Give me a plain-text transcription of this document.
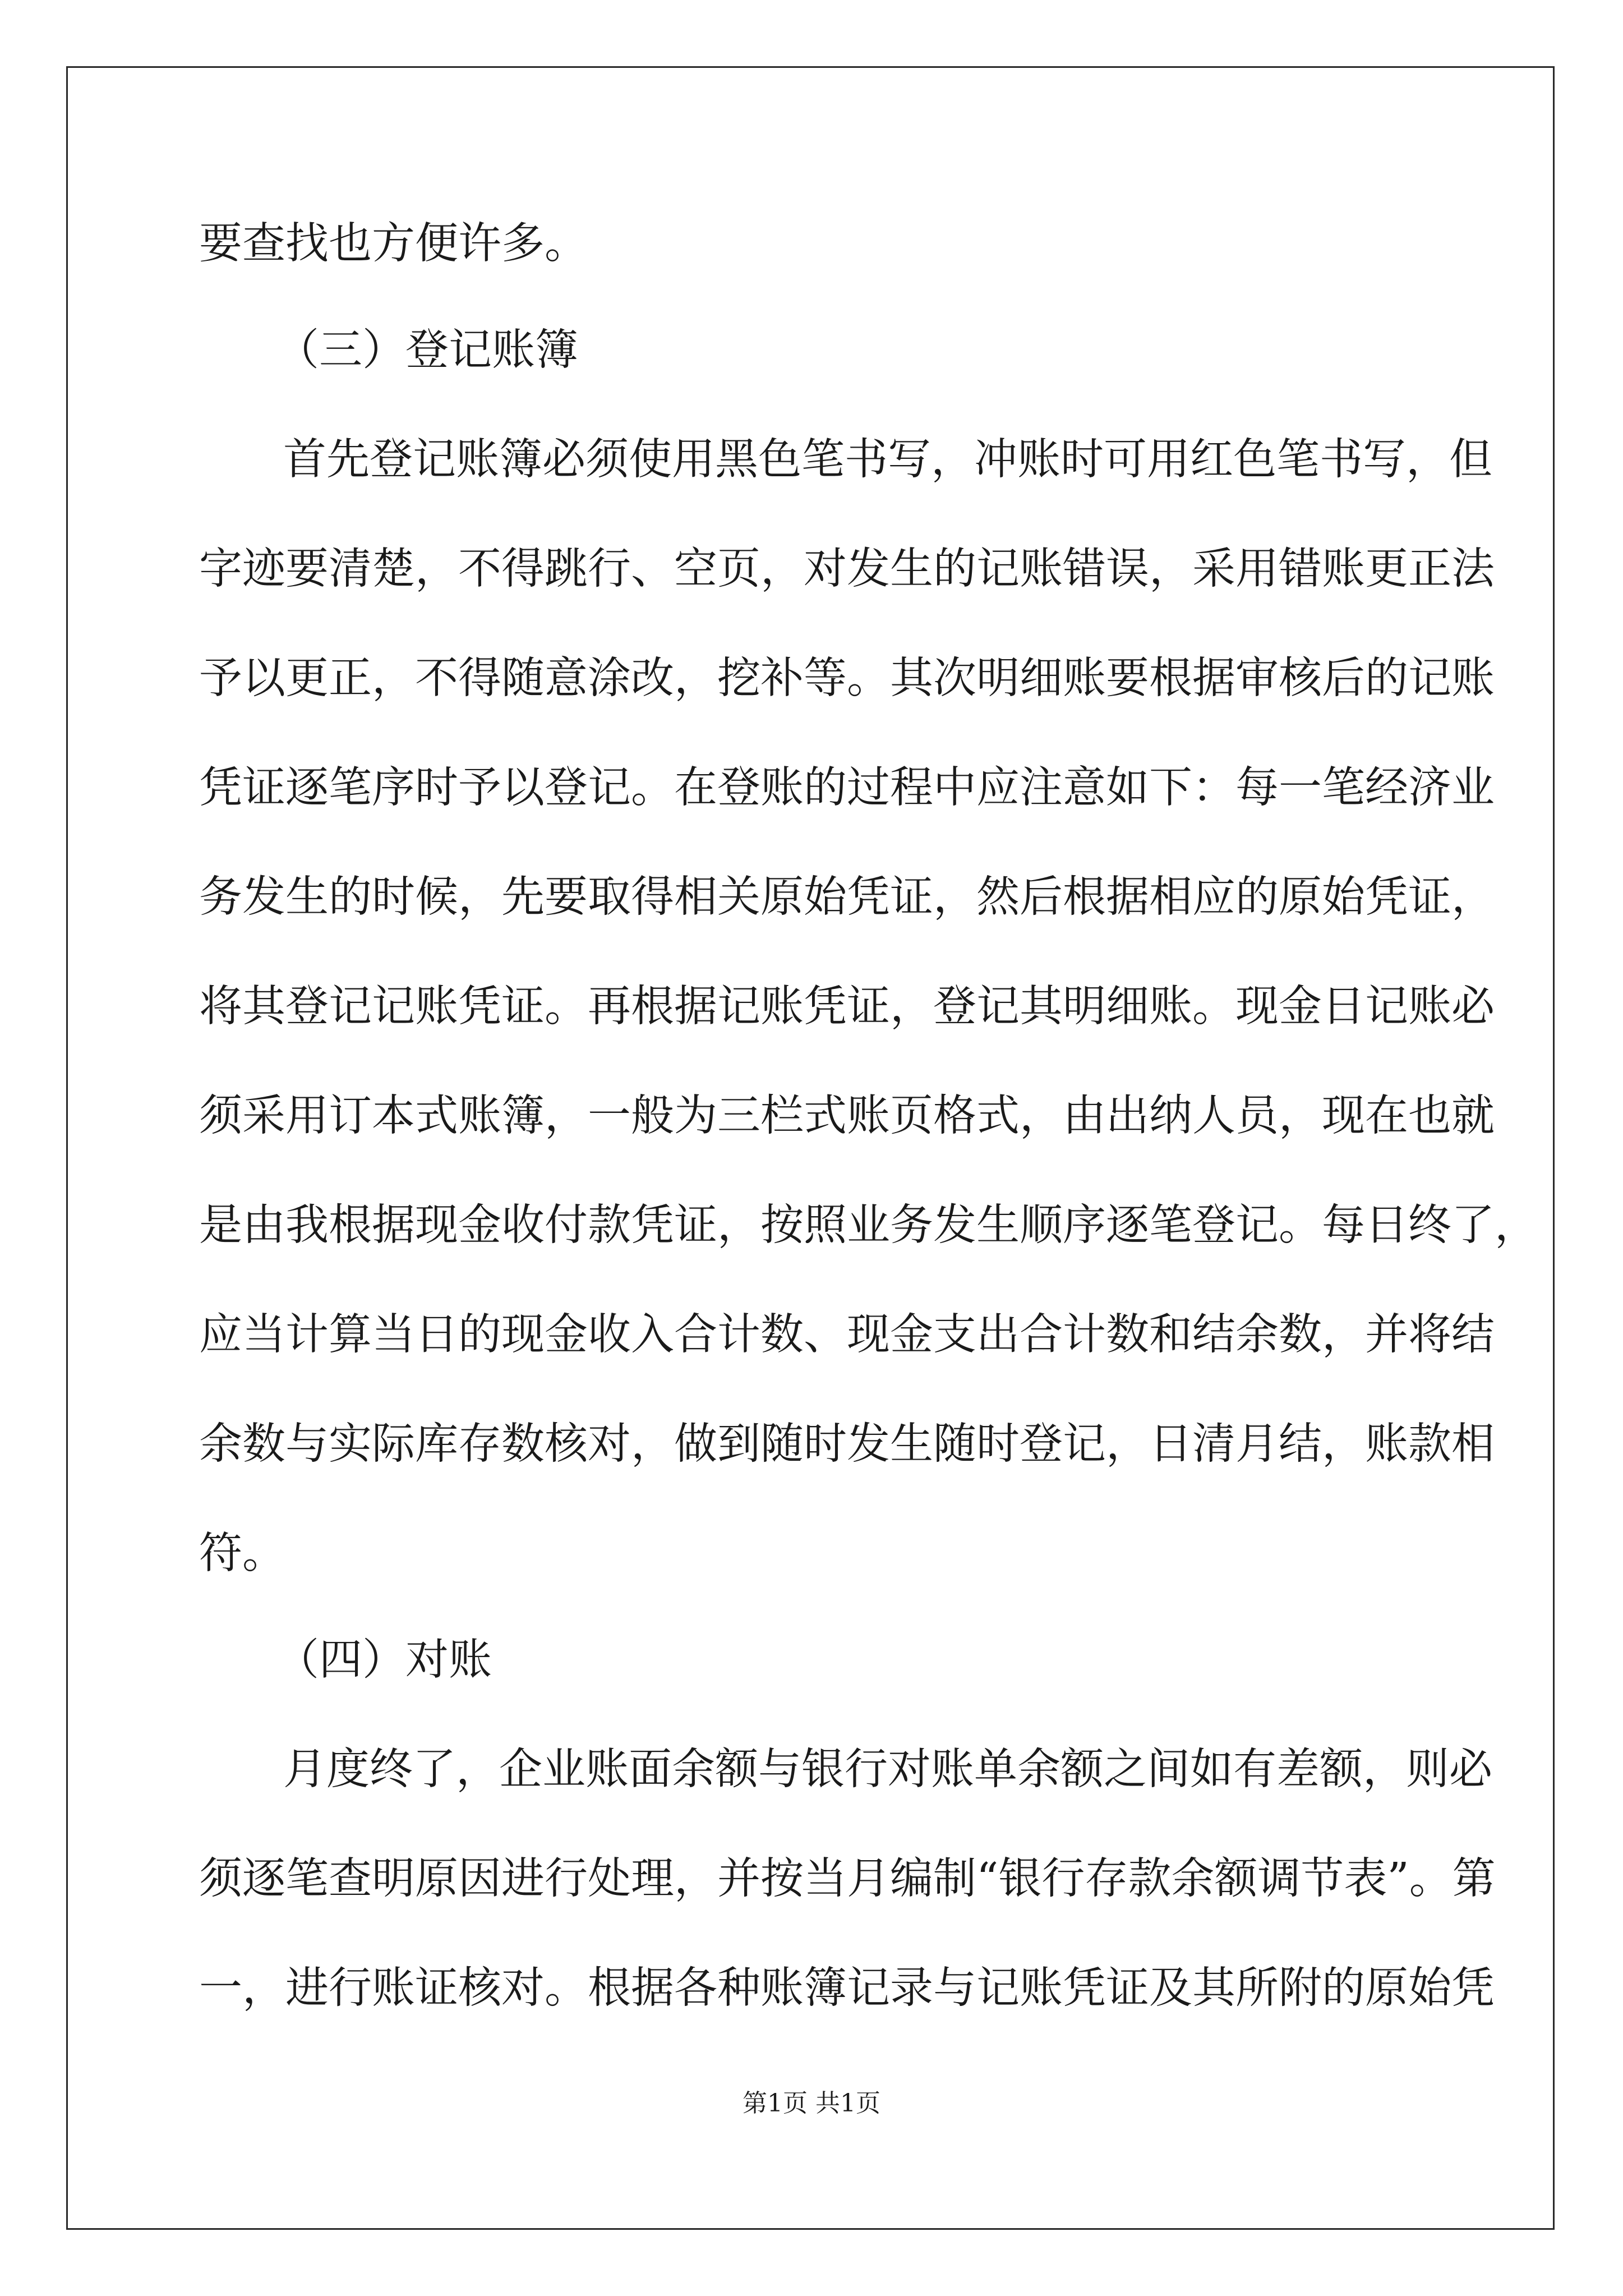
要查找也方便许多。
（三）登记账簿
首先登记账簿必须使用黑色笔书写，冲账时可用红色笔书写，但
字迹要清楚，不得跳行、空页，对发生的记账错误，采用错账更正法
予以更正，不得随意涂改，挖补等。其次明细账要根据审核后的记账
凭证逐笔序时予以登记。在登账的过程中应注意如下：每一笔经济业
务发生的时候，先要取得相关原始凭证，然后根据相应的原始凭证，
将其登记记账凭证。再根据记账凭证，登记其明细账。现金日记账必
须采用订本式账簿，一般为三栏式账页格式，由出纳人员，现在也就
是由我根据现金收付款凭证，按照业务发生顺序逐笔登记。每日终了，
应当计算当日的现金收入合计数、现金支出合计数和结余数，并将结
余数与实际库存数核对，做到随时发生随时登记，日清月结，账款相
符。
（四）对账
月度终了，企业账面余额与银行对账单余额之间如有差额，则必
须逐笔查明原因进行处理，并按当月编制“银行存款余额调节表”。第
一，进行账证核对。根据各种账簿记录与记账凭证及其所附的原始凭
第1页 共1页
